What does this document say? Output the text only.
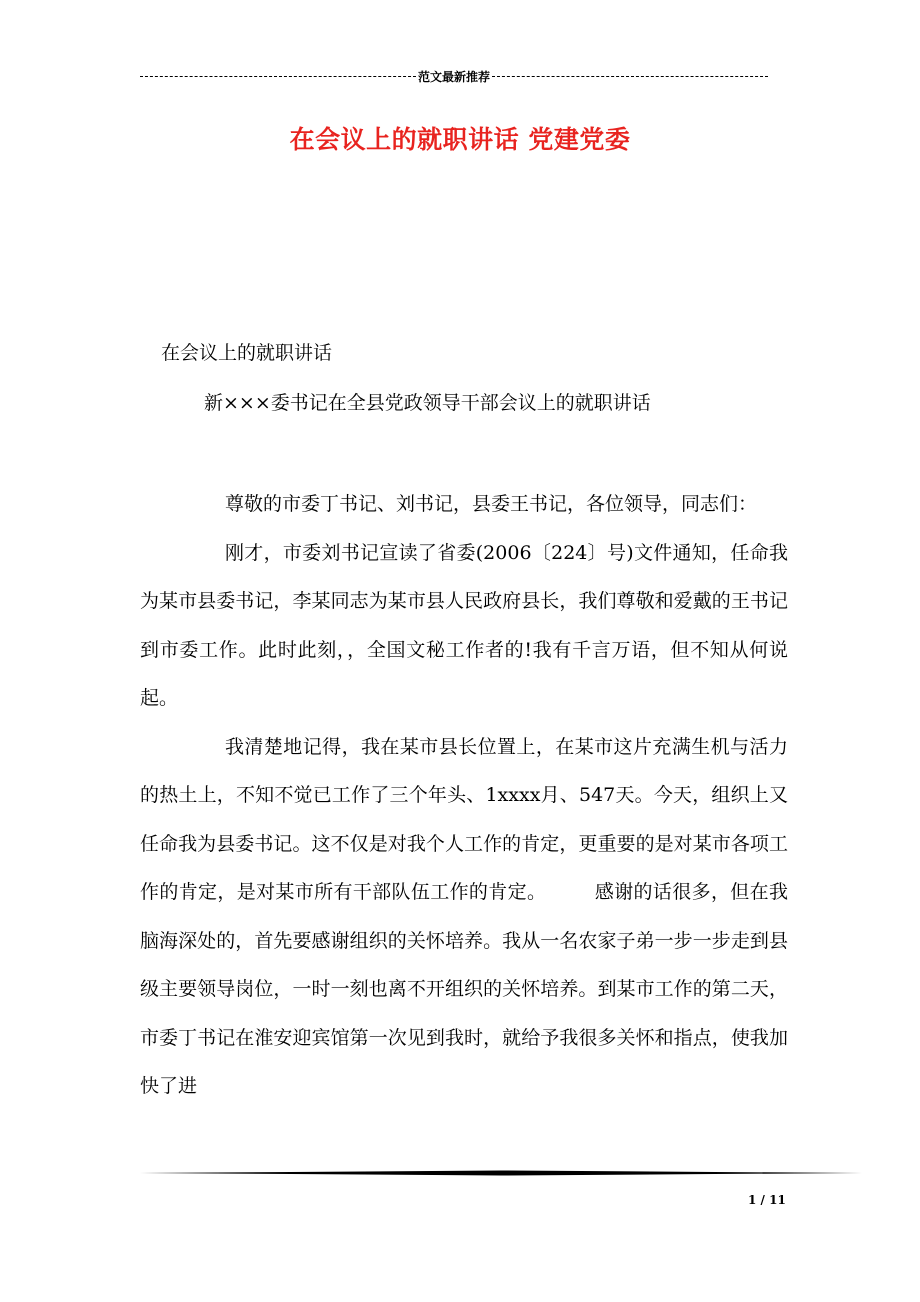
范文最新推荐
在会议上的就职讲话 党建党委
在会议上的就职讲话
新×××委书记在全县党政领导干部会议上的就职讲话

尊敬的市委丁书记、刘书记，县委王书记，各位领导，同志们：

刚才，市委刘书记宣读了省委(2006〔224〕号)文件通知，任命我为某市县委书记，李某同志为某市县人民政府县长，我们尊敬和爱戴的王书记到市委工作。此时此刻，，全国文秘工作者的!我有千言万语，但不知从何说起。

我清楚地记得，我在某市县长位置上，在某市这片充满生机与活力的热土上，不知不觉已工作了三个年头、1xxxx月、547天。今天，组织上又任命我为县委书记。这不仅是对我个人工作的肯定，更重要的是对某市各项工作的肯定，是对某市所有干部队伍工作的肯定。　　　感谢的话很多，但在我脑海深处的，首先要感谢组织的关怀培养。我从一名农家子弟一步一步走到县级主要领导岗位，一时一刻也离不开组织的关怀培养。到某市工作的第二天，市委丁书记在淮安迎宾馆第一次见到我时，就给予我很多关怀和指点，使我加快了进

1 / 11
